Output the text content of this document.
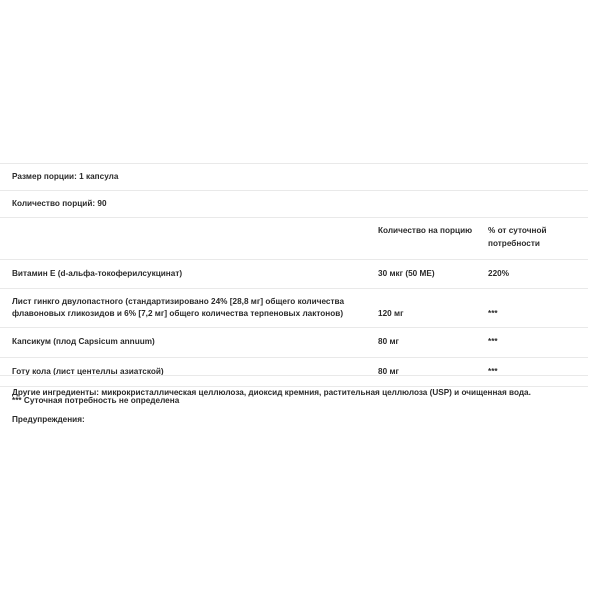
Размер порции: 1 капсула		

Количество порций: 90		

	Количество на порцию	% от суточной потребности

Витамин E (d-альфа-токоферилсукцинат)	30 мкг (50 МЕ)	220%

Лист гинкго двулопастного (стандартизировано 24% [28,8 мг] общего количества флавоновых гликозидов и 6% [7,2 мг] общего количества терпеновых лактонов)	120 мг	***

Капсикум (плод Capsicum annuum)	80 мг	***

Готу кола (лист центеллы азиатской)	80 мг	***

*** Суточная потребность не определена		
Другие ингредиенты: микрокристаллическая целлюлоза, диоксид кремния, растительная целлюлоза (USP) и очищенная вода.
Предупреждения:
